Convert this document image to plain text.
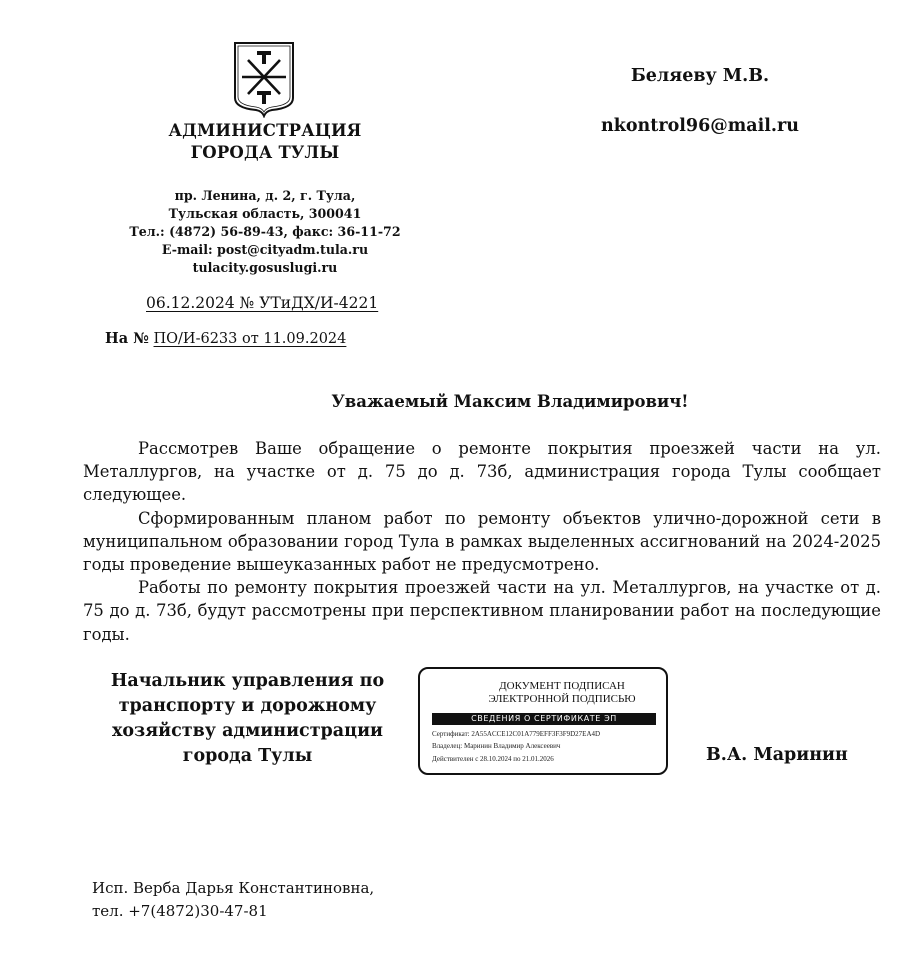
АДМИНИСТРАЦИЯ
ГОРОДА ТУЛЫ
пр. Ленина, д. 2, г. Тула,
Тульская область, 300041
Тел.: (4872) 56-89-43, факс: 36-11-72
E-mail: post@cityadm.tula.ru
tulacity.gosuslugi.ru
06.12.2024 № УТиДХ/И-4221
На № ПО/И-6233 от 11.09.2024
Беляеву М.В.
nkontrol96@mail.ru
Уважаемый Максим Владимирович!

Рассмотрев Ваше обращение о ремонте покрытия проезжей части на ул. Металлургов, на участке от д. 75 до д. 73б, администрация города Тулы сообщает следующее.

Сформированным планом работ по ремонту объектов улично-дорожной сети в муниципальном образовании город Тула в рамках выделенных ассигнований на 2024-2025 годы проведение вышеуказанных работ не предусмотрено.

Работы по ремонту покрытия проезжей части на ул. Металлургов, на участке от д. 75 до д. 73б, будут рассмотрены при перспективном планировании работ на последующие годы.

Начальник управления по
транспорту и дорожному
хозяйству администрации
города Тулы
ДОКУМЕНТ ПОДПИСАН
ЭЛЕКТРОННОЙ ПОДПИСЬЮ
СВЕДЕНИЯ О СЕРТИФИКАТЕ ЭП
Сертификат: 2A55ACCE12C01A779EFF3F3F9D27EA4D
Владелец: Маринин Владимир Алексеевич
Действителен с 28.10.2024 по 21.01.2026	В.А. Маринин
Исп. Верба Дарья Константиновна,
тел. +7(4872)30-47-81
